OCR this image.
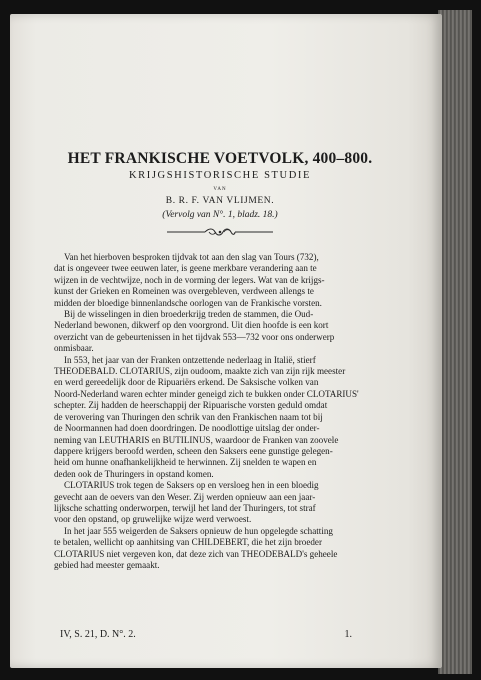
HET FRANKISCHE VOETVOLK, 400–800.
KRIJGSHISTORISCHE STUDIE
VAN
B. R. F. VAN VLIJMEN.
(Vervolg van N°. 1, bladz. 18.)
Van het hierboven besproken tijdvak tot aan den slag van Tours (732),
dat is ongeveer twee eeuwen later, is geene merkbare verandering aan te
wijzen in de vechtwijze, noch in de vorming der legers. Wat van de krijgs-
kunst der Grieken en Romeinen was overgebleven, verdween allengs te
midden der bloedige binnenlandsche oorlogen van de Frankische vorsten.
Bij de wisselingen in dien broederkrijg treden de stammen, die Oud-
Nederland bewonen, dikwerf op den voorgrond. Uit dien hoofde is een kort
overzicht van de gebeurtenissen in het tijdvak 553—732 voor ons onderwerp
onmisbaar.
In 553, het jaar van der Franken ontzettende nederlaag in Italië, stierf
THEODEBALD. CLOTARIUS, zijn oudoom, maakte zich van zijn rijk meester
en werd gereedelijk door de Ripuariërs erkend. De Saksische volken van
Noord-Nederland waren echter minder geneigd zich te bukken onder CLOTARIUS'
schepter. Zij hadden de heerschappij der Ripuarische vorsten geduld omdat
de verovering van Thuringen den schrik van den Frankischen naam tot bij
de Noormannen had doen doordringen. De noodlottige uitslag der onder-
neming van LEUTHARIS en BUTILINUS, waardoor de Franken van zoovele
dappere krijgers beroofd werden, scheen den Saksers eene gunstige gelegen-
heid om hunne onafhankelijkheid te herwinnen. Zij snelden te wapen en
deden ook de Thuringers in opstand komen.
CLOTARIUS trok tegen de Saksers op en versloeg hen in een bloedig
gevecht aan de oevers van den Weser. Zij werden opnieuw aan een jaar-
lijksche schatting onderworpen, terwijl het land der Thuringers, tot straf
voor den opstand, op gruwelijke wijze werd verwoest.
In het jaar 555 weigerden de Saksers opnieuw de hun opgelegde schatting
te betalen, wellicht op aanhitsing van CHILDEBERT, die het zijn broeder
CLOTARIUS niet vergeven kon, dat deze zich van THEODEBALD's geheele
gebied had meester gemaakt.
IV, S. 21, D. N°. 2.	1.
